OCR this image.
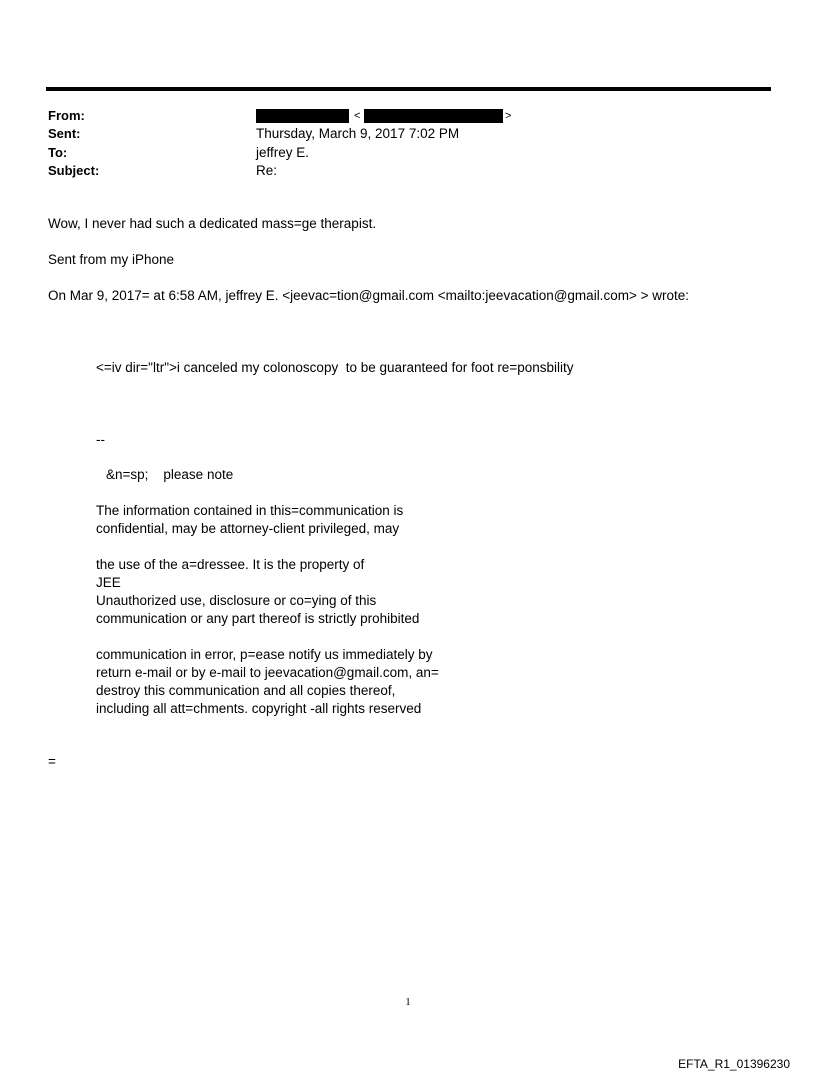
From:
Sent:
To:
Subject:
<	>
Thursday, March 9, 2017 7:02 PM
jeffrey E.
Re:
Wow, I never had such a dedicated mass=ge therapist.
Sent from my iPhone
On Mar 9, 2017= at 6:58 AM, jeffrey E. <jeevac=tion@gmail.com <mailto:jeevacation@gmail.com> > wrote:
<=iv dir="ltr">i canceled my colonoscopy  to be guaranteed for foot re=ponsbility
--
&n=sp;    please note
The information contained in this=communication is
confidential, may be attorney-client privileged, may
the use of the a=dressee. It is the property of
JEE
Unauthorized use, disclosure or co=ying of this
communication or any part thereof is strictly prohibited
communication in error, p=ease notify us immediately by
return e-mail or by e-mail to jeevacation@gmail.com, an=
destroy this communication and all copies thereof,
including all att=chments. copyright -all rights reserved
=
1
EFTA_R1_01396230
